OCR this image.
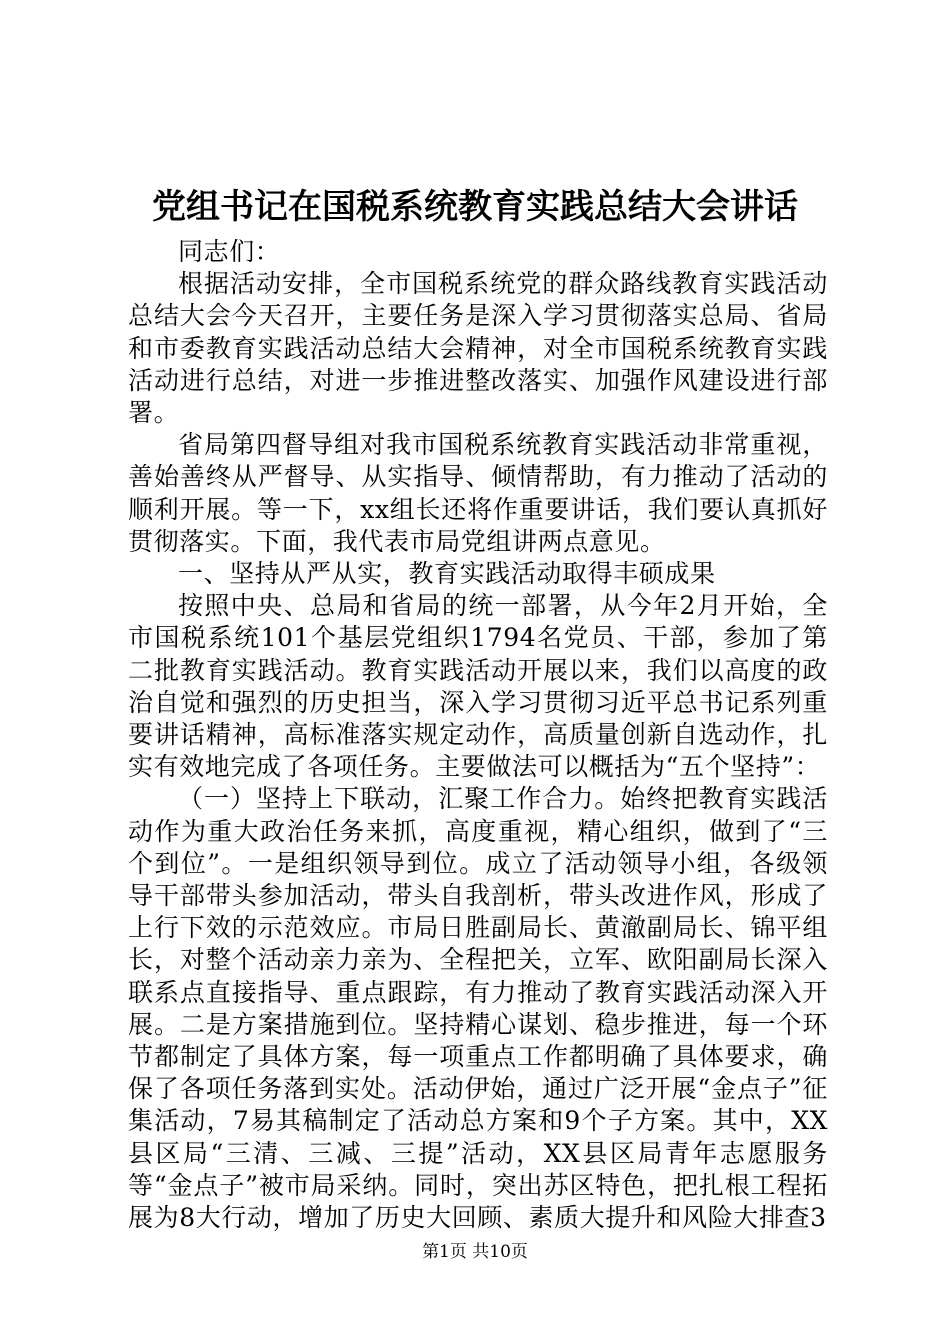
党组书记在国税系统教育实践总结大会讲话

同志们：

根据活动安排，全市国税系统党的群众路线教育实践活动总结大会今天召开，主要任务是深入学习贯彻落实总局、省局和市委教育实践活动总结大会精神，对全市国税系统教育实践活动进行总结，对进一步推进整改落实、加强作风建设进行部署。

省局第四督导组对我市国税系统教育实践活动非常重视，善始善终从严督导、从实指导、倾情帮助，有力推动了活动的顺利开展。等一下，xx组长还将作重要讲话，我们要认真抓好贯彻落实。下面，我代表市局党组讲两点意见。

一、坚持从严从实，教育实践活动取得丰硕成果

按照中央、总局和省局的统一部署，从今年2月开始，全市国税系统101个基层党组织1794名党员、干部，参加了第二批教育实践活动。教育实践活动开展以来，我们以高度的政治自觉和强烈的历史担当，深入学习贯彻习近平总书记系列重要讲话精神，高标准落实规定动作，高质量创新自选动作，扎实有效地完成了各项任务。主要做法可以概括为“五个坚持”：

（一）坚持上下联动，汇聚工作合力。始终把教育实践活动作为重大政治任务来抓，高度重视，精心组织，做到了“三个到位”。一是组织领导到位。成立了活动领导小组，各级领导干部带头参加活动，带头自我剖析，带头改进作风，形成了上行下效的示范效应。市局日胜副局长、黄澈副局长、锦平组长，对整个活动亲力亲为、全程把关，立军、欧阳副局长深入联系点直接指导、重点跟踪，有力推动了教育实践活动深入开展。二是方案措施到位。坚持精心谋划、稳步推进，每一个环节都制定了具体方案，每一项重点工作都明确了具体要求，确保了各项任务落到实处。活动伊始，通过广泛开展“金点子”征集活动，7易其稿制定了活动总方案和9个子方案。其中，XX县区局“三清、三减、三提”活动，XX县区局青年志愿服务等“金点子”被市局采纳。同时，突出苏区特色，把扎根工程拓展为8大行动，增加了历史大回顾、素质大提升和风险大排查3

第1页 共10页
